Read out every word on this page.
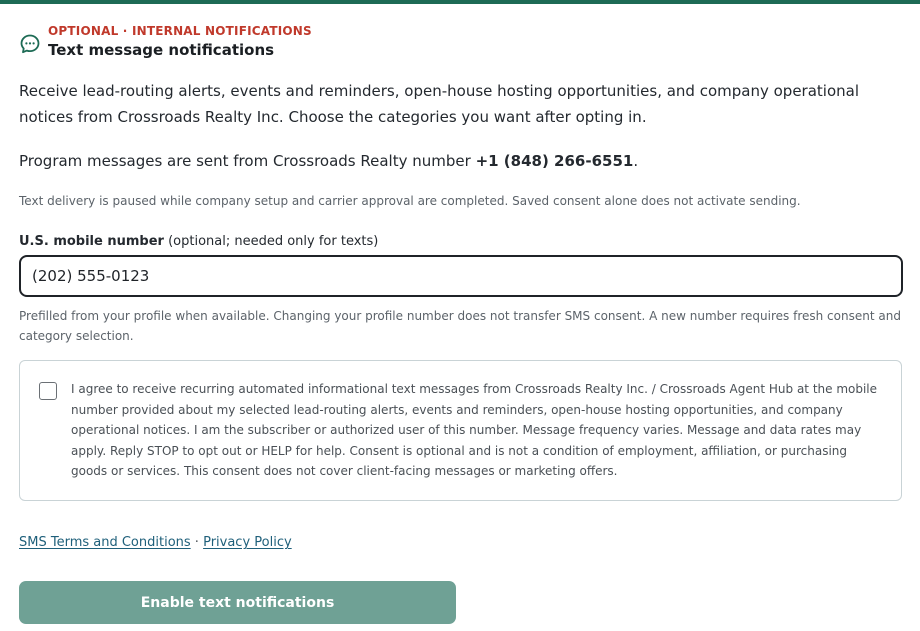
OPTIONAL · INTERNAL NOTIFICATIONS
Text message notifications
Receive lead-routing alerts, events and reminders, open-house hosting opportunities, and company operational notices from Crossroads Realty Inc. Choose the categories you want after opting in.
Program messages are sent from Crossroads Realty number +1 (848) 266-6551.
Text delivery is paused while company setup and carrier approval are completed. Saved consent alone does not activate sending.
U.S. mobile number (optional; needed only for texts)
(202) 555-0123
Prefilled from your profile when available. Changing your profile number does not transfer SMS consent. A new number requires fresh consent and category selection.
I agree to receive recurring automated informational text messages from Crossroads Realty Inc. / Crossroads Agent Hub at the mobile number provided about my selected lead-routing alerts, events and reminders, open-house hosting opportunities, and company operational notices. I am the subscriber or authorized user of this number. Message frequency varies. Message and data rates may apply. Reply STOP to opt out or HELP for help. Consent is optional and is not a condition of employment, affiliation, or purchasing goods or services. This consent does not cover client-facing messages or marketing offers.
SMS Terms and Conditions · Privacy Policy
Enable text notifications
